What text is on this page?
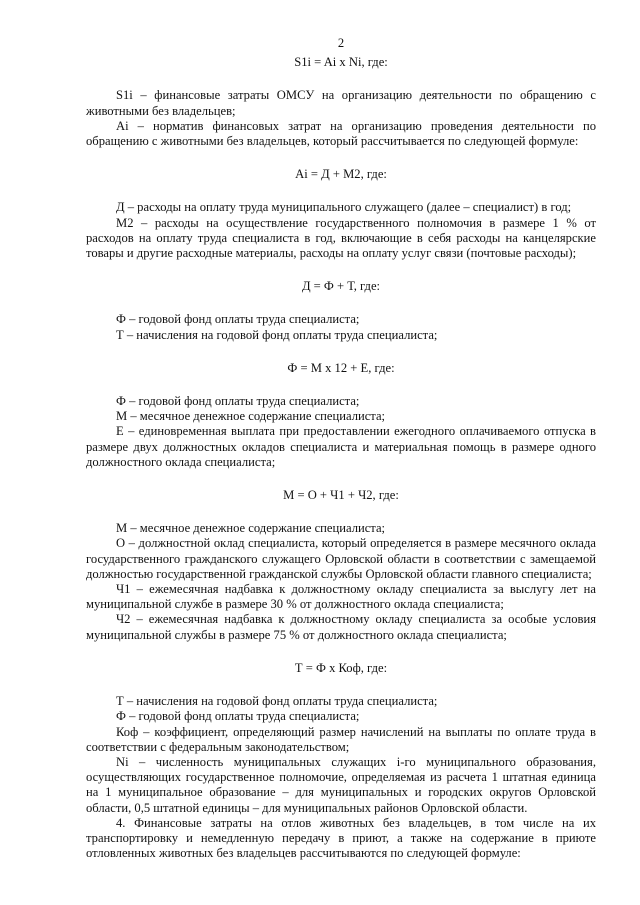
2
S1i = Ai x Ni, где:

S1i – финансовые затраты ОМСУ на организацию деятельности по обращению с животными без владельцев;

Ai – норматив финансовых затрат на организацию проведения деятельности по обращению с животными без владельцев, который рассчитывается по следующей формуле:

Ai = Д + М2, где:

Д – расходы на оплату труда муниципального служащего (далее – специалист) в год;

М2 – расходы на осуществление государственного полномочия в размере 1 % от расходов на оплату труда специалиста в год, включающие в себя расходы на канцелярские товары и другие расходные материалы, расходы на оплату услуг связи (почтовые расходы);

Д = Ф + Т, где:

Ф – годовой фонд оплаты труда специалиста;

Т – начисления на годовой фонд оплаты труда специалиста;

Ф = М х 12 + Е, где:

Ф – годовой фонд оплаты труда специалиста;

М – месячное денежное содержание специалиста;

Е – единовременная выплата при предоставлении ежегодного оплачиваемого отпуска в размере двух должностных окладов специалиста и материальная помощь в размере одного должностного оклада специалиста;

М = О + Ч1 + Ч2, где:

М – месячное денежное содержание специалиста;

О – должностной оклад специалиста, который определяется в размере месячного оклада государственного гражданского служащего Орловской области в соответствии с замещаемой должностью государственной гражданской службы Орловской области главного специалиста;

Ч1 – ежемесячная надбавка к должностному окладу специалиста за выслугу лет на муниципальной службе в размере 30 % от должностного оклада специалиста;

Ч2 – ежемесячная надбавка к должностному окладу специалиста за особые условия муниципальной службы в размере 75 % от должностного оклада специалиста;

Т = Ф х Коф, где:

Т – начисления на годовой фонд оплаты труда специалиста;

Ф – годовой фонд оплаты труда специалиста;

Коф – коэффициент, определяющий размер начислений на выплаты по оплате труда в соответствии с федеральным законодательством;

Ni – численность муниципальных служащих i-го муниципального образования, осуществляющих государственное полномочие, определяемая из расчета 1 штатная единица на 1 муниципальное образование – для муниципальных и городских округов Орловской области, 0,5 штатной единицы – для муниципальных районов Орловской области.

4. Финансовые затраты на отлов животных без владельцев, в том числе на их транспортировку и немедленную передачу в приют, а также на содержание в приюте отловленных животных без владельцев рассчитываются по следующей формуле:
